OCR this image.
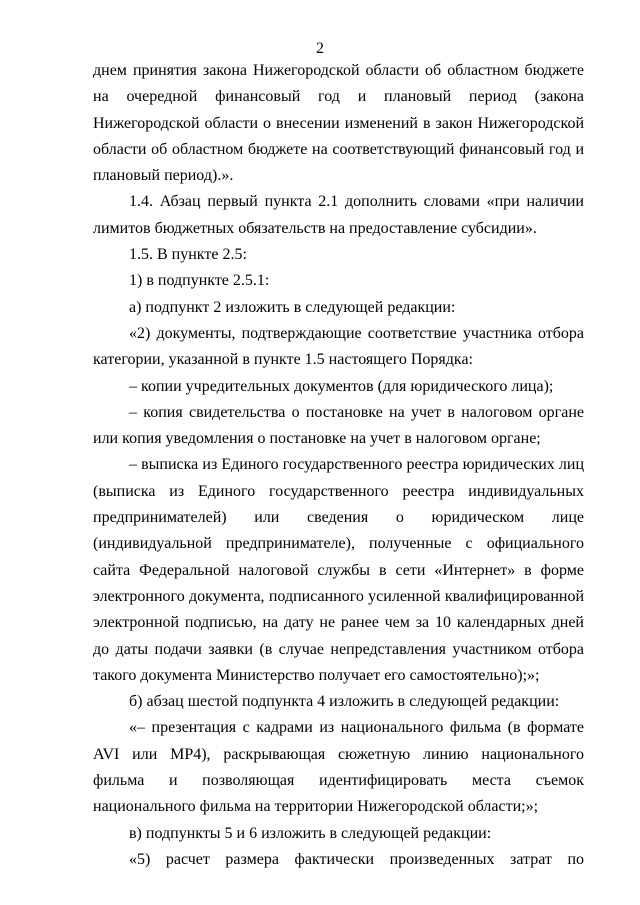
2

днем принятия закона Нижегородской области об областном бюджете на очередной финансовый год и плановый период (закона Нижегородской области о внесении изменений в закон Нижегородской области об областном бюджете на соответствующий финансовый год и плановый период).».

1.4. Абзац первый пункта 2.1 дополнить словами «при наличии лимитов бюджетных обязательств на предоставление субсидии».

1.5. В пункте 2.5:

1) в подпункте 2.5.1:

а) подпункт 2 изложить в следующей редакции:

«2) документы, подтверждающие соответствие участника отбора категории, указанной в пункте 1.5 настоящего Порядка:

– копии учредительных документов (для юридического лица);

– копия свидетельства о постановке на учет в налоговом органе или копия уведомления о постановке на учет в налоговом органе;

– выписка из Единого государственного реестра юридических лиц (выписка из Единого государственного реестра индивидуальных предпринимателей) или сведения о юридическом лице (индивидуальной предпринимателе), полученные с официального сайта Федеральной налоговой службы в сети «Интернет» в форме электронного документа, подписанного усиленной квалифицированной электронной подписью, на дату не ранее чем за 10 календарных дней до даты подачи заявки (в случае непредставления участником отбора такого документа Министерство получает его самостоятельно);»;

б) абзац шестой подпункта 4 изложить в следующей редакции:

«– презентация с кадрами из национального фильма (в формате AVI или MP4), раскрывающая сюжетную линию национального фильма и позволяющая идентифицировать места съемок национального фильма на территории Нижегородской области;»;

в) подпункты 5 и 6 изложить в следующей редакции:

«5) расчет размера фактически произведенных затрат по
